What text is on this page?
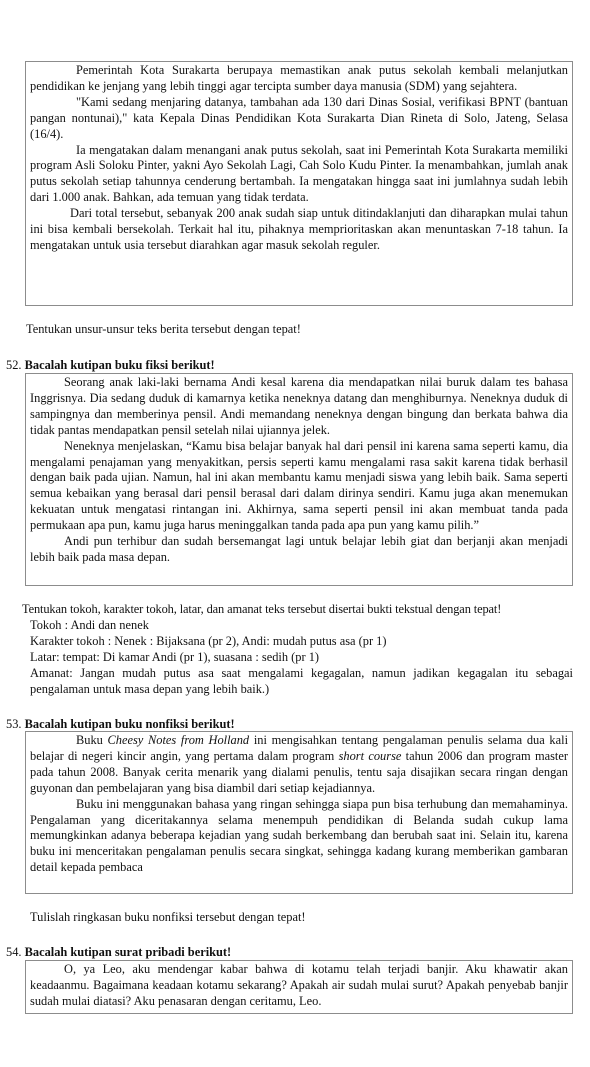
Pemerintah Kota Surakarta berupaya memastikan anak putus sekolah kembali melanjutkan pendidikan ke jenjang yang lebih tinggi agar tercipta sumber daya manusia (SDM) yang sejahtera.

"Kami sedang menjaring datanya, tambahan ada 130 dari Dinas Sosial, verifikasi BPNT (bantuan pangan nontunai)," kata Kepala Dinas Pendidikan Kota Surakarta Dian Rineta di Solo, Jateng, Selasa (16/4).

Ia mengatakan dalam menangani anak putus sekolah, saat ini Pemerintah Kota Surakarta memiliki program Asli Soloku Pinter, yakni Ayo Sekolah Lagi, Cah Solo Kudu Pinter. Ia menambahkan, jumlah anak putus sekolah setiap tahunnya cenderung bertambah. Ia mengatakan hingga saat ini jumlahnya sudah lebih dari 1.000 anak. Bahkan, ada temuan yang tidak terdata.

Dari total tersebut, sebanyak 200 anak sudah siap untuk ditindaklanjuti dan diharapkan mulai tahun ini bisa kembali bersekolah. Terkait hal itu, pihaknya memprioritaskan akan menuntaskan 7-18 tahun. Ia mengatakan untuk usia tersebut diarahkan agar masuk sekolah reguler.

Tentukan unsur-unsur teks berita tersebut dengan tepat!

52. Bacalah kutipan buku fiksi berikut!

Seorang anak laki-laki bernama Andi kesal karena dia mendapatkan nilai buruk dalam tes bahasa Inggrisnya. Dia sedang duduk di kamarnya ketika neneknya datang dan menghiburnya. Neneknya duduk di sampingnya dan memberinya pensil. Andi memandang neneknya dengan bingung dan berkata bahwa dia tidak pantas mendapatkan pensil setelah nilai ujiannya jelek.

Neneknya menjelaskan, “Kamu bisa belajar banyak hal dari pensil ini karena sama seperti kamu, dia mengalami penajaman yang menyakitkan, persis seperti kamu mengalami rasa sakit karena tidak berhasil dengan baik pada ujian. Namun, hal ini akan membantu kamu menjadi siswa yang lebih baik. Sama seperti semua kebaikan yang berasal dari pensil berasal dari dalam dirinya sendiri. Kamu juga akan menemukan kekuatan untuk mengatasi rintangan ini. Akhirnya, sama seperti pensil ini akan membuat tanda pada permukaan apa pun, kamu juga harus meninggalkan tanda pada apa pun yang kamu pilih.”

Andi pun terhibur dan sudah bersemangat lagi untuk belajar lebih giat dan berjanji akan menjadi lebih baik pada masa depan.

Tentukan tokoh, karakter tokoh, latar, dan amanat teks tersebut disertai bukti tekstual dengan tepat!

Tokoh : Andi dan nenek

Karakter tokoh : Nenek : Bijaksana (pr 2), Andi: mudah putus asa (pr 1)

Latar: tempat: Di kamar Andi (pr 1), suasana : sedih (pr 1)

Amanat: Jangan mudah putus asa saat mengalami kegagalan, namun jadikan kegagalan itu sebagai pengalaman untuk masa depan yang lebih baik.)

53. Bacalah kutipan buku nonfiksi berikut!

Buku Cheesy Notes from Holland ini mengisahkan tentang pengalaman penulis selama dua kali belajar di negeri kincir angin, yang pertama dalam program short course tahun 2006 dan program master pada tahun 2008. Banyak cerita menarik yang dialami penulis, tentu saja disajikan secara ringan dengan guyonan dan pembelajaran yang bisa diambil dari setiap kejadiannya.

Buku ini menggunakan bahasa yang ringan sehingga siapa pun bisa terhubung dan memahaminya. Pengalaman yang diceritakannya selama menempuh pendidikan di Belanda sudah cukup lama memungkinkan adanya beberapa kejadian yang sudah berkembang dan berubah saat ini. Selain itu, karena buku ini menceritakan pengalaman penulis secara singkat, sehingga kadang kurang memberikan gambaran detail kepada pembaca

Tulislah ringkasan buku nonfiksi tersebut dengan tepat!

54. Bacalah kutipan surat pribadi berikut!

O, ya Leo, aku mendengar kabar bahwa di kotamu telah terjadi banjir. Aku khawatir akan keadaanmu. Bagaimana keadaan kotamu sekarang? Apakah air sudah mulai surut? Apakah penyebab banjir sudah mulai diatasi? Aku penasaran dengan ceritamu, Leo.
